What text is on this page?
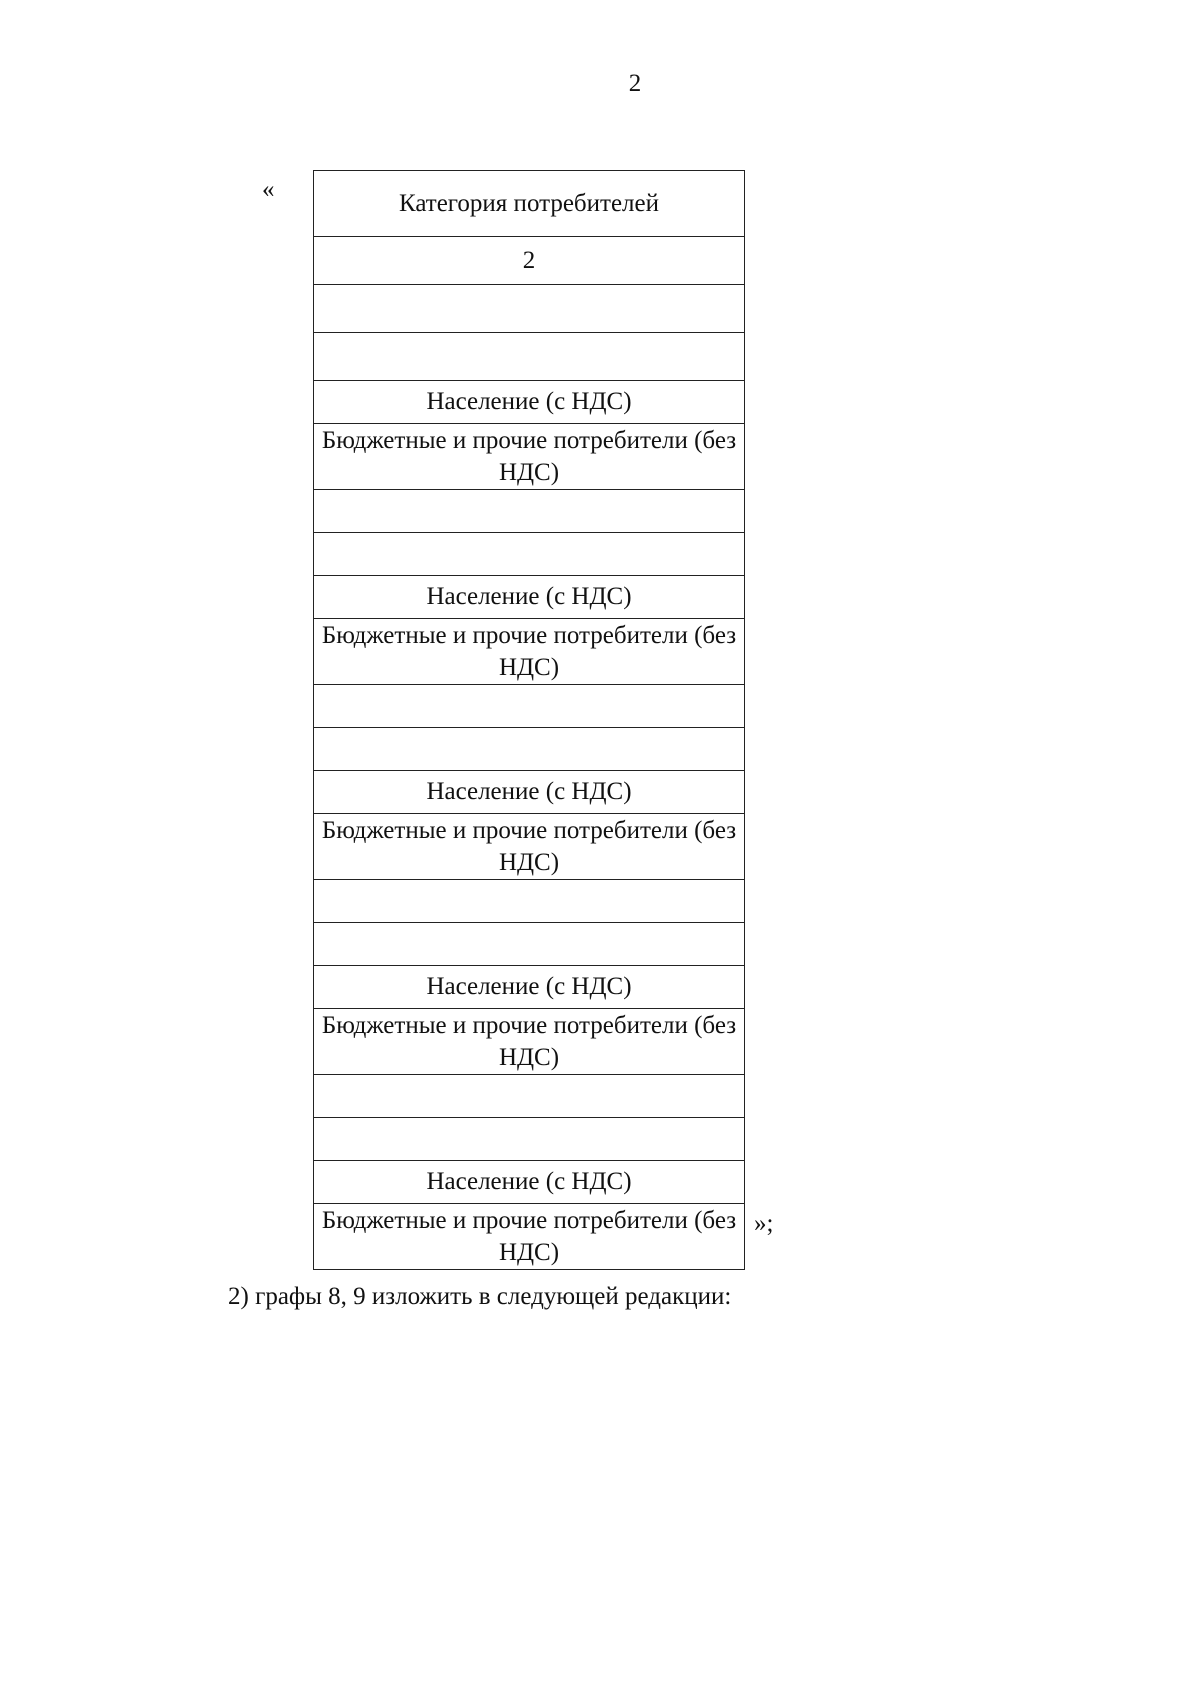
2
«	Категория потребителей
2

Население (с НДС)
Бюджетные и прочие потребители (без НДС)

Население (с НДС)
Бюджетные и прочие потребители (без НДС)

Население (с НДС)
Бюджетные и прочие потребители (без НДС)

Население (с НДС)
Бюджетные и прочие потребители (без НДС)

Население (с НДС)
Бюджетные и прочие потребители (без НДС)
»;
2) графы 8, 9 изложить в следующей редакции:
